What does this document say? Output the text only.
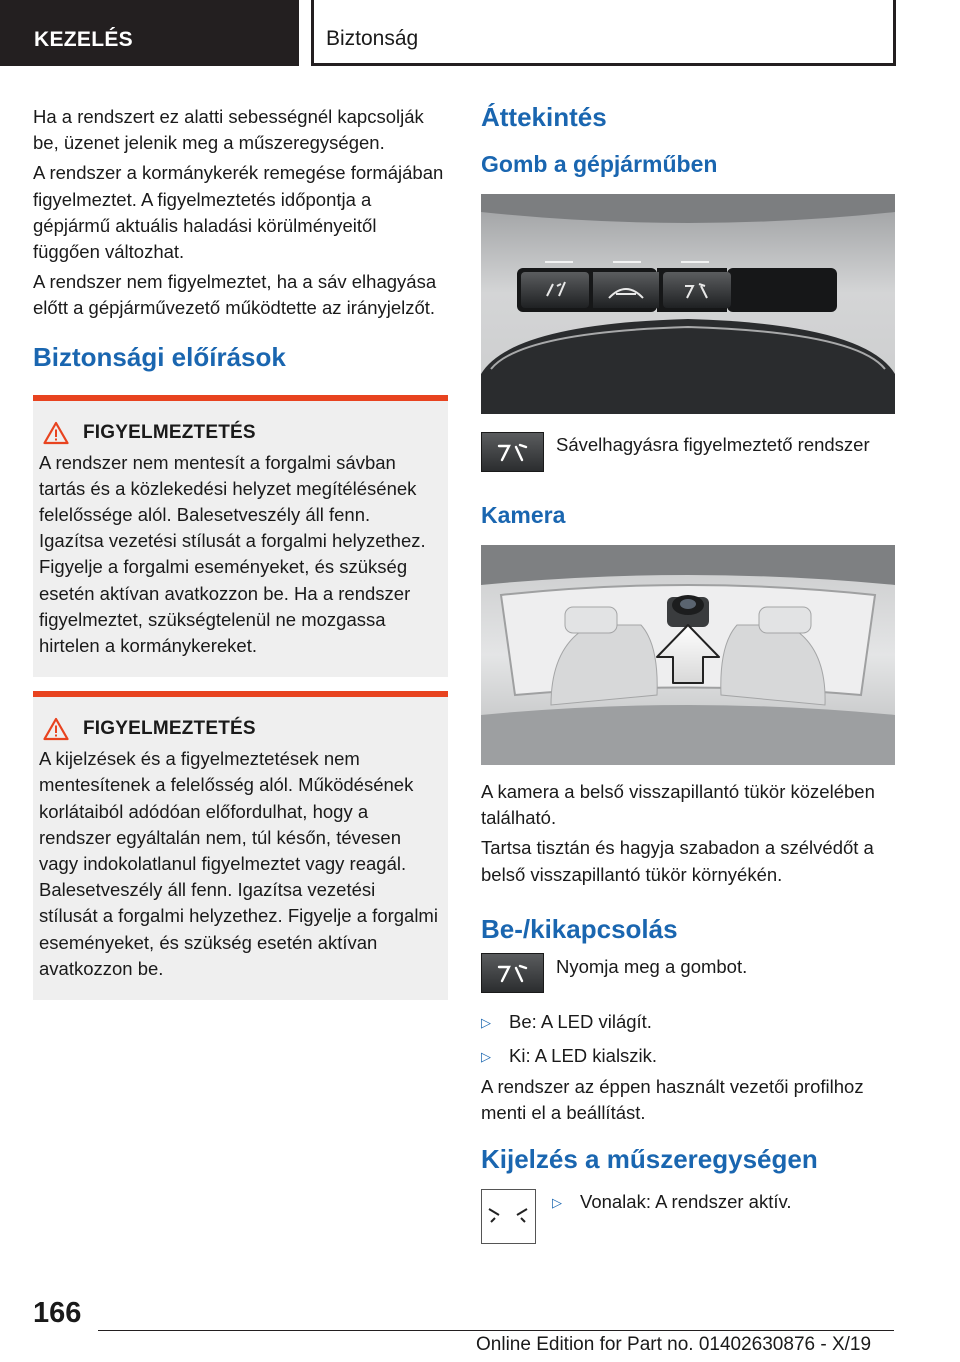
KEZELÉS	Biztonság

Ha a rendszert ez alatti sebességnél kapcsolják be, üzenet jelenik meg a műszeregységen.

A rendszer a kormánykerék remegése formájában figyelmeztet. A figyelmeztetés időpontja a gépjármű aktuális haladási körülményeitől függően változhat.

A rendszer nem figyelmeztet, ha a sáv elhagyása előtt a gépjárművezető működtette az irányjelzőt.

Biztonsági előírások
FIGYELMEZTETÉS

A rendszer nem mentesít a forgalmi sávban tartás és a közlekedési helyzet megítélésének felelőssége alól. Balesetveszély áll fenn. Igazítsa vezetési stílusát a forgalmi helyzethez. Figyelje a forgalmi eseményeket, és szükség esetén aktívan avatkozzon be. Ha a rendszer figyelmeztet, szükségtelenül ne mozgassa hirtelen a kormánykereket.

FIGYELMEZTETÉS

A kijelzések és a figyelmeztetések nem mentesítenek a felelősség alól. Működésének korlátaiból adódóan előfordulhat, hogy a rendszer egyáltalán nem, túl későn, tévesen vagy indokolatlanul figyelmeztet vagy reagál. Balesetveszély áll fenn. Igazítsa vezetési stílusát a forgalmi helyzethez. Figyelje a forgalmi eseményeket, és szükség esetén aktívan avatkozzon be.

Áttekintés
Gomb a gépjárműben
Sávelhagyásra figyelmeztető rendszer
Kamera

A kamera a belső visszapillantó tükör közelében található.

Tartsa tisztán és hagyja szabadon a szélvédőt a belső visszapillantó tükör környékén.

Be-/kikapcsolás
Nyomja meg a gombot.
▷ Be: A LED világít.
▷ Ki: A LED kialszik.

A rendszer az éppen használt vezetői profilhoz menti el a beállítást.

Kijelzés a műszeregységen
▷ Vonalak: A rendszer aktív.
166
Online Edition for Part no. 01402630876 - X/19
